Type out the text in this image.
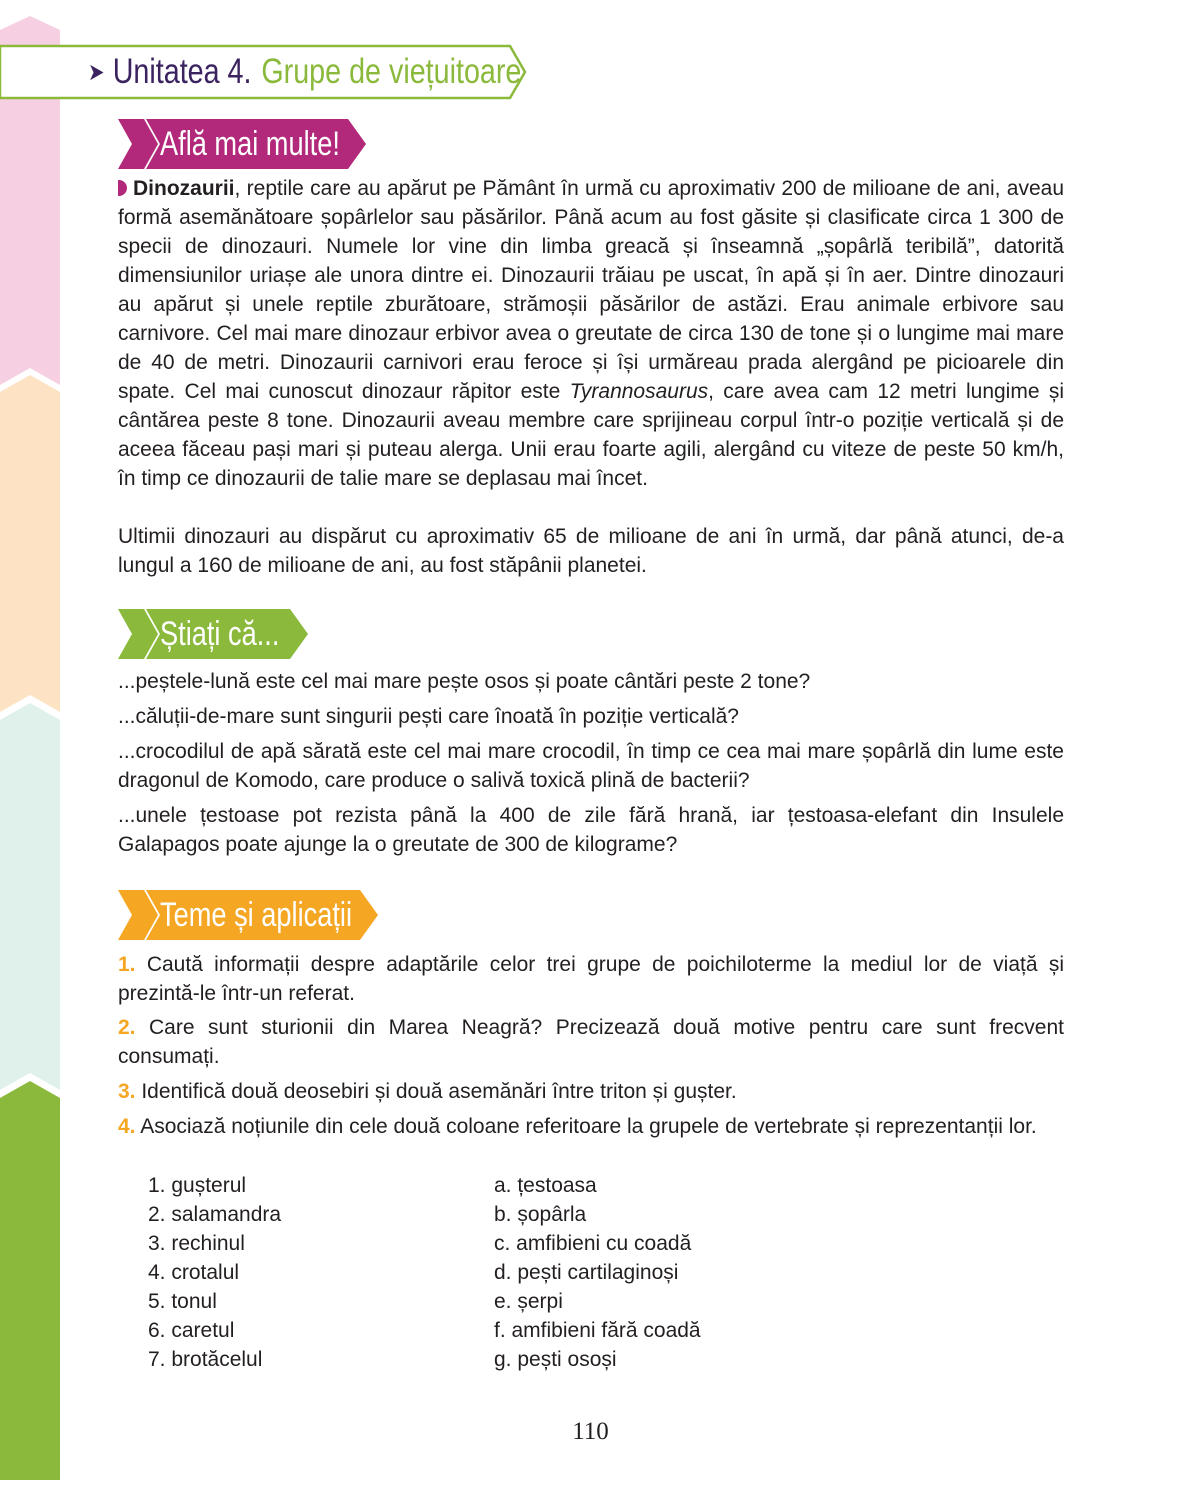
➤ Unitatea 4. Grupe de viețuitoare
Află mai multe!

Dinozaurii, reptile care au apărut pe Pământ în urmă cu aproximativ 200 de milioane de ani, aveau formă asemănătoare șopârlelor sau păsărilor. Până acum au fost găsite și clasificate circa 1 300 de specii de dinozauri. Numele lor vine din limba greacă și înseamnă „șopârlă teribilă”, datorită dimensiunilor uriașe ale unora dintre ei. Dinozaurii trăiau pe uscat, în apă și în aer. Dintre dinozauri au apărut și unele reptile zburătoare, strămoșii păsărilor de astăzi. Erau animale erbivore sau carnivore. Cel mai mare dinozaur erbivor avea o greutate de circa 130 de tone și o lungime mai mare de 40 de metri. Dinozaurii carnivori erau feroce și își urmăreau prada alergând pe picioarele din spate. Cel mai cunoscut dinozaur răpitor este Tyrannosaurus, care avea cam 12 metri lungime și cântărea peste 8 tone. Dinozaurii aveau membre care sprijineau corpul într-o poziție verticală și de aceea făceau pași mari și puteau alerga. Unii erau foarte agili, alergând cu viteze de peste 50 km/h, în timp ce dinozaurii de talie mare se deplasau mai încet.

Ultimii dinozauri au dispărut cu aproximativ 65 de milioane de ani în urmă, dar până atunci, de-a lungul a 160 de milioane de ani, au fost stăpânii planetei.

Știați că...

...peștele-lună este cel mai mare pește osos și poate cântări peste 2 tone?

...căluții-de-mare sunt singurii pești care înoată în poziție verticală?

...crocodilul de apă sărată este cel mai mare crocodil, în timp ce cea mai mare șopârlă din lume este dragonul de Komodo, care produce o salivă toxică plină de bacterii?

...unele țestoase pot rezista până la 400 de zile fără hrană, iar țestoasa-elefant din Insulele Galapagos poate ajunge la o greutate de 300 de kilograme?

Teme și aplicații

1. Caută informații despre adaptările celor trei grupe de poichiloterme la mediul lor de viață și prezintă-le într-un referat.

2. Care sunt sturionii din Marea Neagră? Precizează două motive pentru care sunt frecvent consumați.

3. Identifică două deosebiri și două asemănări între triton și gușter.

4. Asociază noțiunile din cele două coloane referitoare la grupele de vertebrate și reprezentanții lor.

1. gușterul
2. salamandra
3. rechinul
4. crotalul
5. tonul
6. caretul
7. brotăcelul
a. țestoasa
b. șopârla
c. amfibieni cu coadă
d. pești cartilaginoși
e. șerpi
f. amfibieni fără coadă
g. pești osoși
110
